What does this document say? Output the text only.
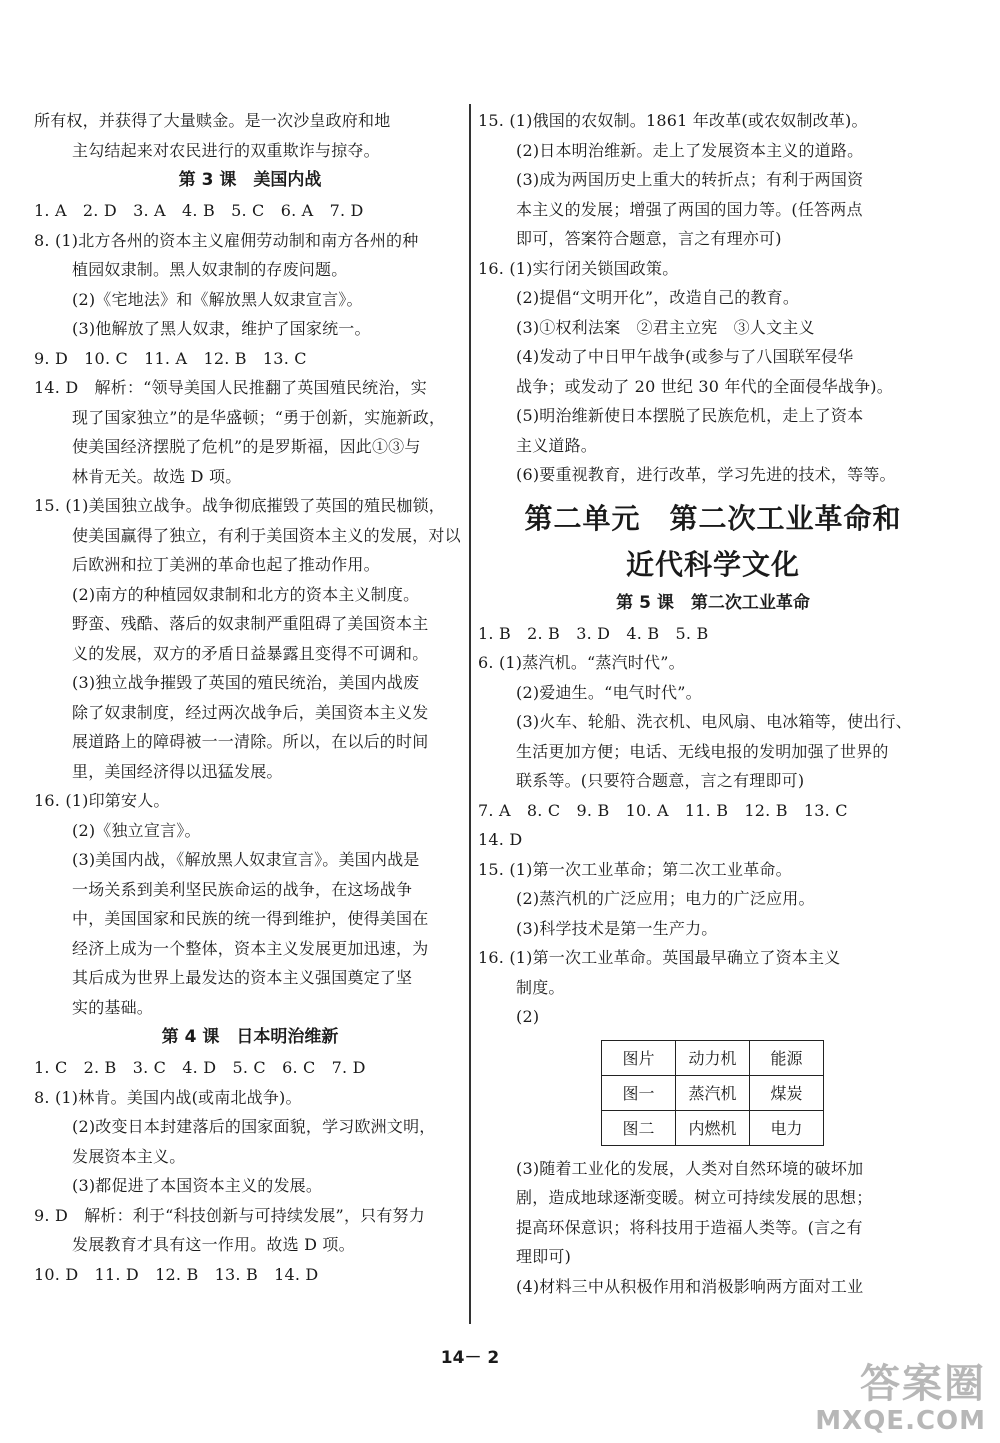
所有权，并获得了大量赎金。是一次沙皇政府和地
主勾结起来对农民进行的双重欺诈与掠夺。
第 3 课　美国内战
1. A　2. D　3. A　4. B　5. C　6. A　7. D
8. (1)北方各州的资本主义雇佣劳动制和南方各州的种
植园奴隶制。黑人奴隶制的存废问题。
(2)《宅地法》和《解放黑人奴隶宣言》。
(3)他解放了黑人奴隶，维护了国家统一。
9. D　10. C　11. A　12. B　13. C
14. D　解析：“领导美国人民推翻了英国殖民统治，实
现了国家独立”的是华盛顿；“勇于创新，实施新政，
使美国经济摆脱了危机”的是罗斯福，因此①③与
林肯无关。故选 D 项。
15. (1)美国独立战争。战争彻底摧毁了英国的殖民枷锁，
使美国赢得了独立，有利于美国资本主义的发展，对以
后欧洲和拉丁美洲的革命也起了推动作用。
(2)南方的种植园奴隶制和北方的资本主义制度。
野蛮、残酷、落后的奴隶制严重阻碍了美国资本主
义的发展，双方的矛盾日益暴露且变得不可调和。
(3)独立战争摧毁了英国的殖民统治，美国内战废
除了奴隶制度，经过两次战争后，美国资本主义发
展道路上的障碍被一一清除。所以，在以后的时间
里，美国经济得以迅猛发展。
16. (1)印第安人。
(2)《独立宣言》。
(3)美国内战，《解放黑人奴隶宣言》。美国内战是
一场关系到美利坚民族命运的战争，在这场战争
中，美国国家和民族的统一得到维护，使得美国在
经济上成为一个整体，资本主义发展更加迅速，为
其后成为世界上最发达的资本主义强国奠定了坚
实的基础。
第 4 课　日本明治维新
1. C　2. B　3. C　4. D　5. C　6. C　7. D
8. (1)林肯。美国内战(或南北战争)。
(2)改变日本封建落后的国家面貌，学习欧洲文明，
发展资本主义。
(3)都促进了本国资本主义的发展。
9. D　解析：利于“科技创新与可持续发展”，只有努力
发展教育才具有这一作用。故选 D 项。
10. D　11. D　12. B　13. B　14. D
15. (1)俄国的农奴制。1861 年改革(或农奴制改革)。
(2)日本明治维新。走上了发展资本主义的道路。
(3)成为两国历史上重大的转折点；有利于两国资
本主义的发展；增强了两国的国力等。(任答两点
即可，答案符合题意，言之有理亦可)
16. (1)实行闭关锁国政策。
(2)提倡“文明开化”，改造自己的教育。
(3)①权利法案　②君主立宪　③人文主义
(4)发动了中日甲午战争(或参与了八国联军侵华
战争；或发动了 20 世纪 30 年代的全面侵华战争)。
(5)明治维新使日本摆脱了民族危机，走上了资本
主义道路。
(6)要重视教育，进行改革，学习先进的技术，等等。
第二单元　第二次工业革命和
近代科学文化
第 5 课　第二次工业革命
1. B　2. B　3. D　4. B　5. B
6. (1)蒸汽机。“蒸汽时代”。
(2)爱迪生。“电气时代”。
(3)火车、轮船、洗衣机、电风扇、电冰箱等，使出行、
生活更加方便；电话、无线电报的发明加强了世界的
联系等。(只要符合题意，言之有理即可)
7. A　8. C　9. B　10. A　11. B　12. B　13. C
14. D
15. (1)第一次工业革命；第二次工业革命。
(2)蒸汽机的广泛应用；电力的广泛应用。
(3)科学技术是第一生产力。
16. (1)第一次工业革命。英国最早确立了资本主义
制度。
(2)
图片	动力机	能源
图一	蒸汽机	煤炭
图二	内燃机	电力
(3)随着工业化的发展，人类对自然环境的破坏加
剧，造成地球逐渐变暖。树立可持续发展的思想；
提高环保意识；将科技用于造福人类等。(言之有
理即可)
(4)材料三中从积极作用和消极影响两方面对工业
14－ 2
答案圈
MXQE.COM
